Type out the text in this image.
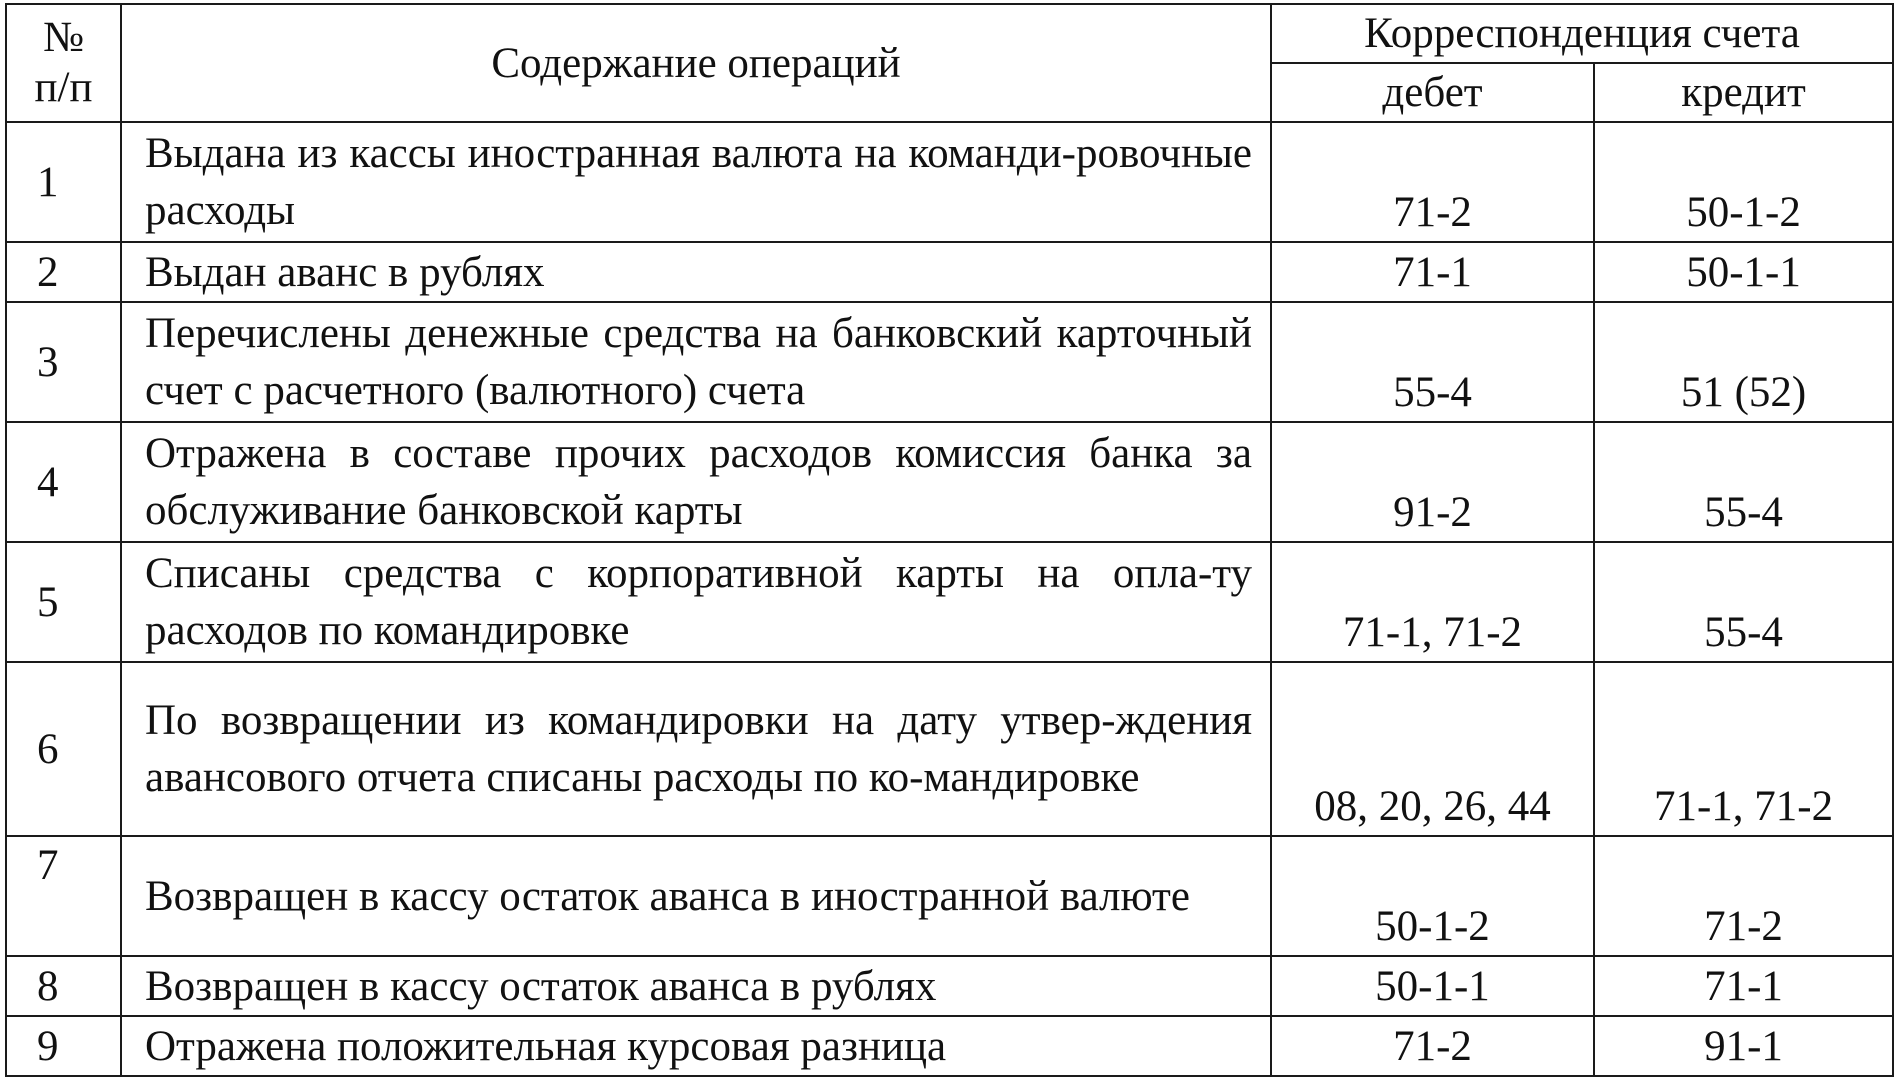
№
п/п	Содержание операций	Корреспонденция счета	
		дебет	кредит
1	Выдана из кассы иностранная валюта на команди-ровочные расходы	71-2	50-1-2
2	Выдан аванс в рублях	71-1	50-1-1
3	Перечислены денежные средства на банковский карточный счет с расчетного (валютного) счета	55-4	51 (52)
4	Отражена в составе прочих расходов комиссия банка за обслуживание банковской карты	91-2	55-4
5	Списаны средства с корпоративной карты на опла-ту расходов по командировке	71-1, 71-2	55-4
6	По возвращении из командировки на дату утвер-ждения авансового отчета списаны расходы по ко-мандировке	08, 20, 26, 44	71-1, 71-2
7	Возвращен в кассу остаток аванса в иностранной валюте	50-1-2	71-2
8	Возвращен в кассу остаток аванса в рублях	50-1-1	71-1
9	Отражена положительная курсовая разница	71-2	91-1
